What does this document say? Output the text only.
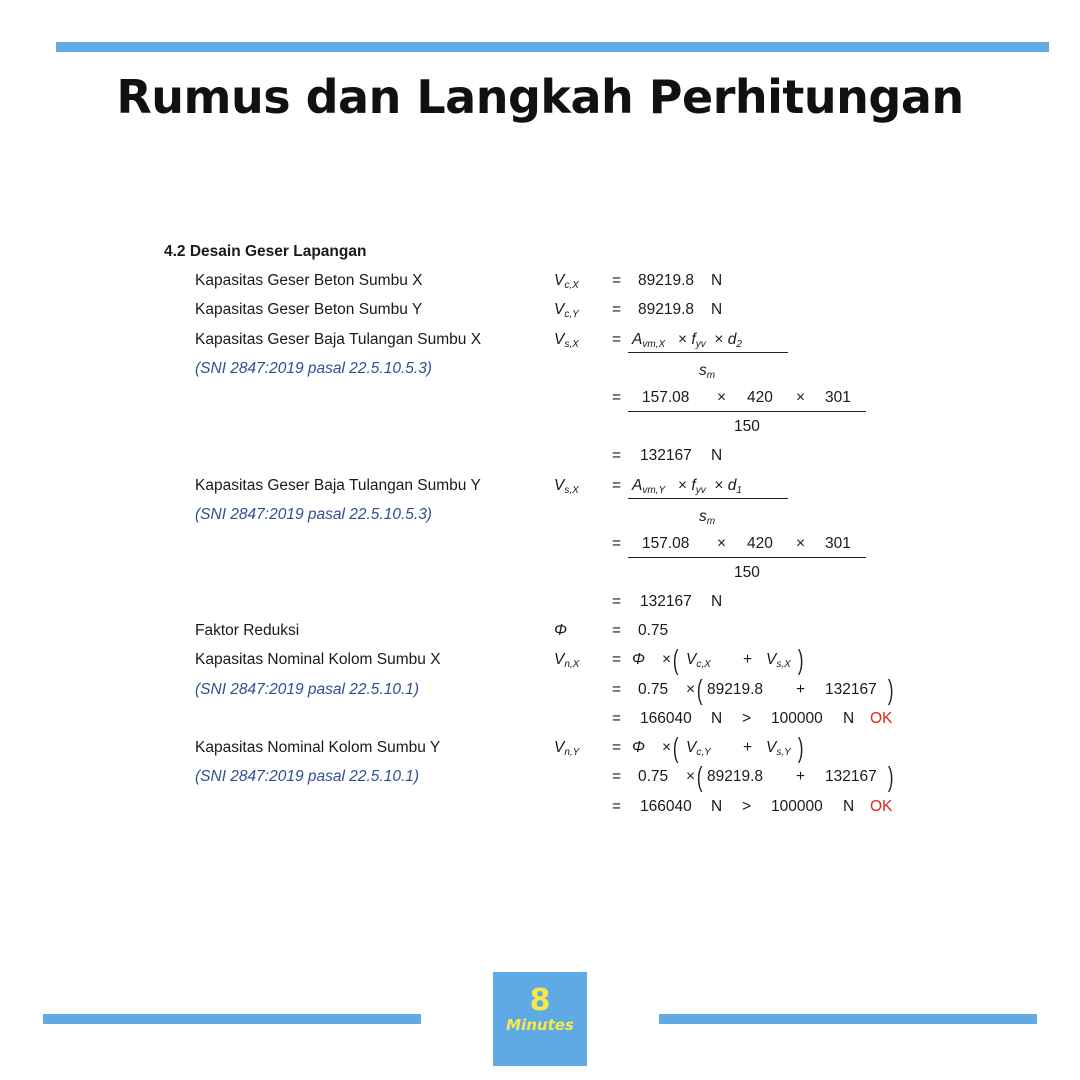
Rumus dan Langkah Perhitungan
4.2 Desain Geser Lapangan
Kapasitas Geser Beton Sumbu X	$V_{c,X} = 89219.8$ N
Kapasitas Geser Beton Sumbu Y	$V_{c,Y} = 89219.8$ N
Kapasitas Geser Baja Tulangan Sumbu X
(SNI 2847:2019 pasal 22.5.10.5.3)
$V_{s,X} = A_{vm,X} \times f_{yv} \times d_2$
$s_m$
= 157.08 × 420 × 301
150
= 132167 N
Kapasitas Geser Baja Tulangan Sumbu Y
(SNI 2847:2019 pasal 22.5.10.5.3)
$V_{s,X} = A_{vm,Y} \times f_{yv} \times d_1$
$s_m$
= 157.08 × 420 × 301
150
= 132167 N
Faktor Reduksi	Φ	= 0.75
Kapasitas Nominal Kolom Sumbu X
(SNI 2847:2019 pasal 22.5.10.1)
$V_{n,X} = \Phi$ × ( $V_{c,X} + V_{s,X}$ )
= 0.75 × ( 89219.8 + 132167 )
= 166040 N > 100000 N OK
Kapasitas Nominal Kolom Sumbu Y
(SNI 2847:2019 pasal 22.5.10.1)
$V_{n,Y} = \Phi$ × ( $V_{c,Y} + V_{s,Y}$ )
= 0.75 × ( 89219.8 + 132167 )
= 166040 N > 100000 N OK
8
Minutes
